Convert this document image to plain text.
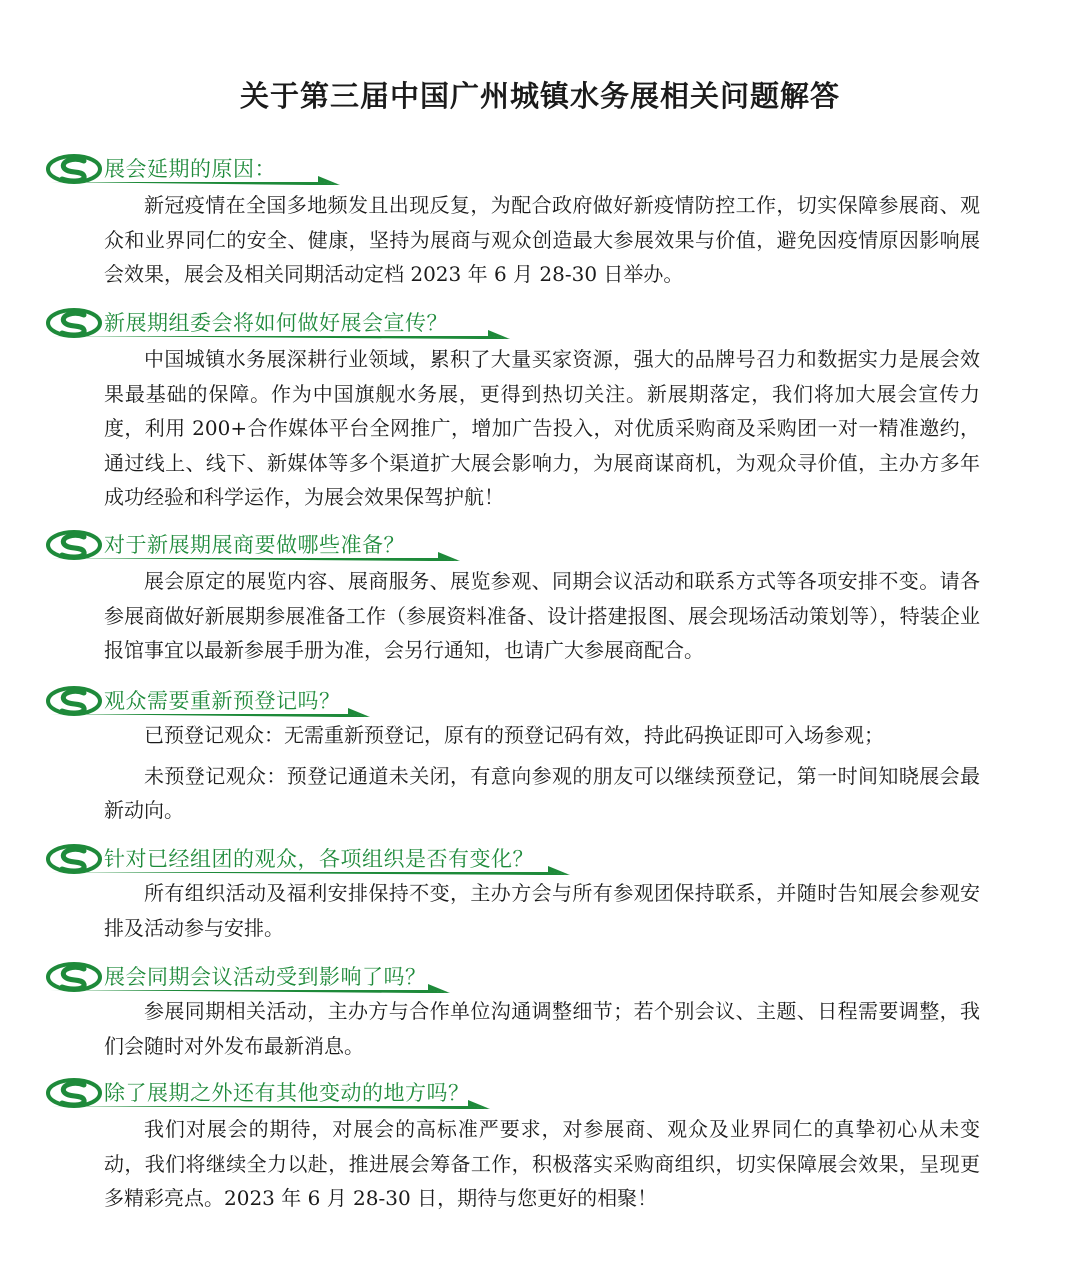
关于第三届中国广州城镇水务展相关问题解答
展会延期的原因：

新冠疫情在全国多地频发且出现反复，为配合政府做好新疫情防控工作，切实保障参展商、观众和业界同仁的安全、健康，坚持为展商与观众创造最大参展效果与价值，避免因疫情原因影响展会效果，展会及相关同期活动定档 2023 年 6 月 28-30 日举办。

新展期组委会将如何做好展会宣传？

中国城镇水务展深耕行业领域，累积了大量买家资源，强大的品牌号召力和数据实力是展会效果最基础的保障。作为中国旗舰水务展，更得到热切关注。新展期落定，我们将加大展会宣传力度，利用 200+合作媒体平台全网推广，增加广告投入，对优质采购商及采购团一对一精准邀约，通过线上、线下、新媒体等多个渠道扩大展会影响力，为展商谋商机，为观众寻价值，主办方多年成功经验和科学运作，为展会效果保驾护航！

对于新展期展商要做哪些准备？

展会原定的展览内容、展商服务、展览参观、同期会议活动和联系方式等各项安排不变。请各参展商做好新展期参展准备工作（参展资料准备、设计搭建报图、展会现场活动策划等），特装企业报馆事宜以最新参展手册为准，会另行通知，也请广大参展商配合。

观众需要重新预登记吗？

已预登记观众：无需重新预登记，原有的预登记码有效，持此码换证即可入场参观；

未预登记观众：预登记通道未关闭，有意向参观的朋友可以继续预登记，第一时间知晓展会最新动向。

针对已经组团的观众，各项组织是否有变化？

所有组织活动及福利安排保持不变，主办方会与所有参观团保持联系，并随时告知展会参观安排及活动参与安排。

展会同期会议活动受到影响了吗？

参展同期相关活动，主办方与合作单位沟通调整细节；若个别会议、主题、日程需要调整，我们会随时对外发布最新消息。

除了展期之外还有其他变动的地方吗？

我们对展会的期待，对展会的高标准严要求，对参展商、观众及业界同仁的真挚初心从未变动，我们将继续全力以赴，推进展会筹备工作，积极落实采购商组织，切实保障展会效果，呈现更多精彩亮点。2023 年 6 月 28-30 日，期待与您更好的相聚！
